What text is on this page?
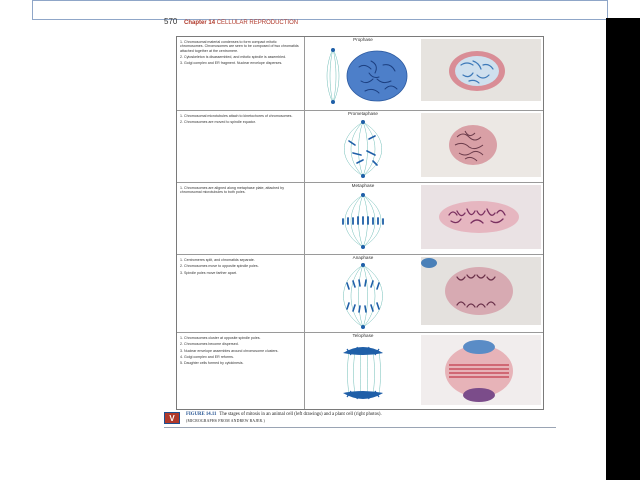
570 Chapter 14 CELLULAR REPRODUCTION

1. Chromosomal material condenses to form compact mitotic chromosomes. Chromosomes are seen to be composed of two chromatids attached together at the centromere.

2. Cytoskeleton is disassembled, and mitotic spindle is assembled.

3. Golgi complex and ER fragment. Nuclear envelope disperses.

Prophase

1. Chromosomal microtubules attach to kinetochores of chromosomes.

2. Chromosomes are moved to spindle equator.

Prometaphase

1. Chromosomes are aligned along metaphase plate, attached by chromosomal microtubules to both poles.

Metaphase

1. Centromeres split, and chromatids separate.

2. Chromosomes move to opposite spindle poles.

3. Spindle poles move farther apart.

Anaphase

1. Chromosomes cluster at opposite spindle poles.

2. Chromosomes become dispersed.

3. Nuclear envelope assembles around chromosome clusters.

4. Golgi complex and ER reforms.

5. Daughter cells formed by cytokinesis.

Telophase
V FIGURE 14.11 The stages of mitosis in an animal cell (left drawings) and a plant cell (right photos).
(MICROGRAPHS FROM ANDREW BAJER.)
